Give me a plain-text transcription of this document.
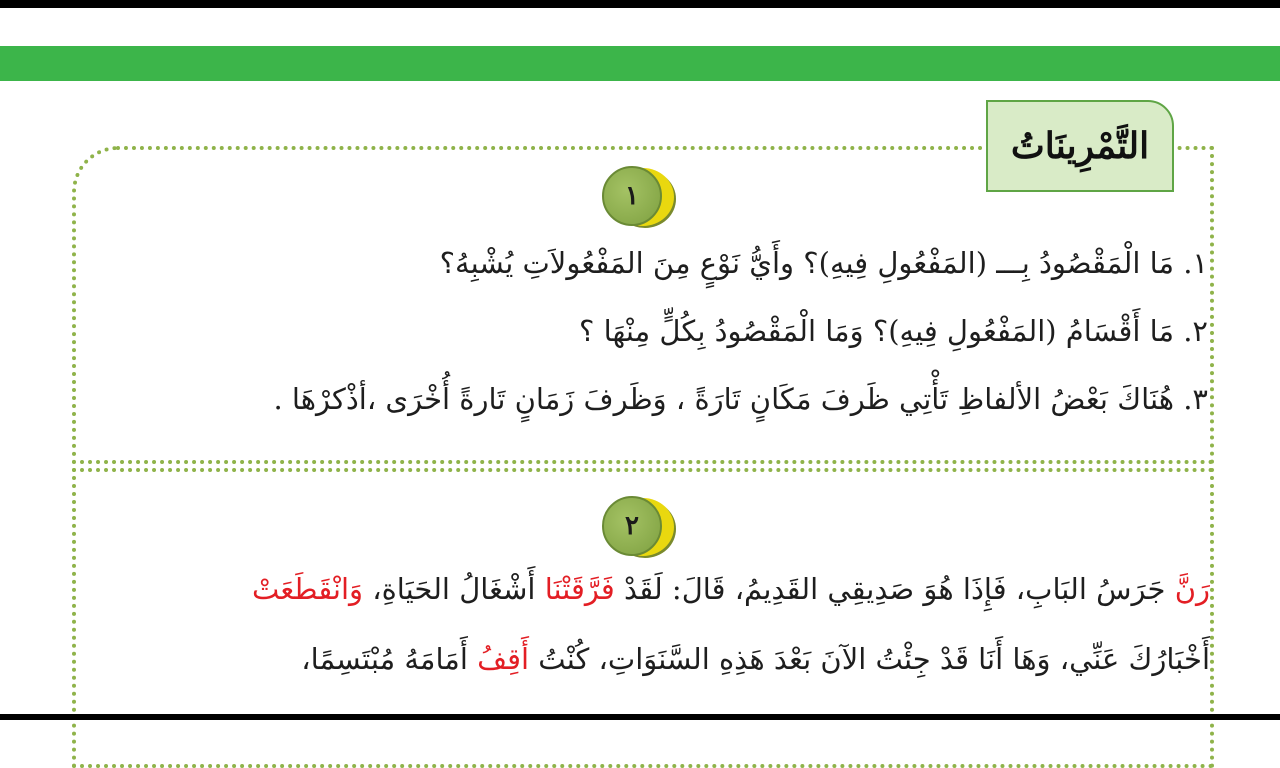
التَّمْرِينَاتُ
١
١. مَا الْمَقْصُودُ بِـــ (المَفْعُولِ فِيهِ)؟ وأَيُّ نَوْعٍ مِنَ المَفْعُولاَتِ يُشْبِهُ؟
٢. مَا أَقْسَامُ (المَفْعُولِ فِيهِ)؟ وَمَا الْمَقْصُودُ بِكُلٍّ مِنْهَا ؟
٣. هُنَاكَ بَعْضُ الألفاظِ تَأْتِي ظَرفَ مَكَانٍ تَارَةً ، وَظَرفَ زَمَانٍ تَارةً أُخْرَى ،أذْكرْهَا .
٢
رَنَّ جَرَسُ البَابِ، فَإِذَا هُوَ صَدِيقِي القَدِيمُ، قَالَ: لَقَدْ فَرَّقَتْنَا أَشْغَالُ الحَيَاةِ، وَانْقَطَعَتْ
أَخْبَارُكَ عَنِّي، وَهَا أَنَا قَدْ جِئْتُ الآنَ بَعْدَ هَذِهِ السَّنَوَاتِ، كُنْتُ أَقِفُ أَمَامَهُ مُبْتَسِمًا،
